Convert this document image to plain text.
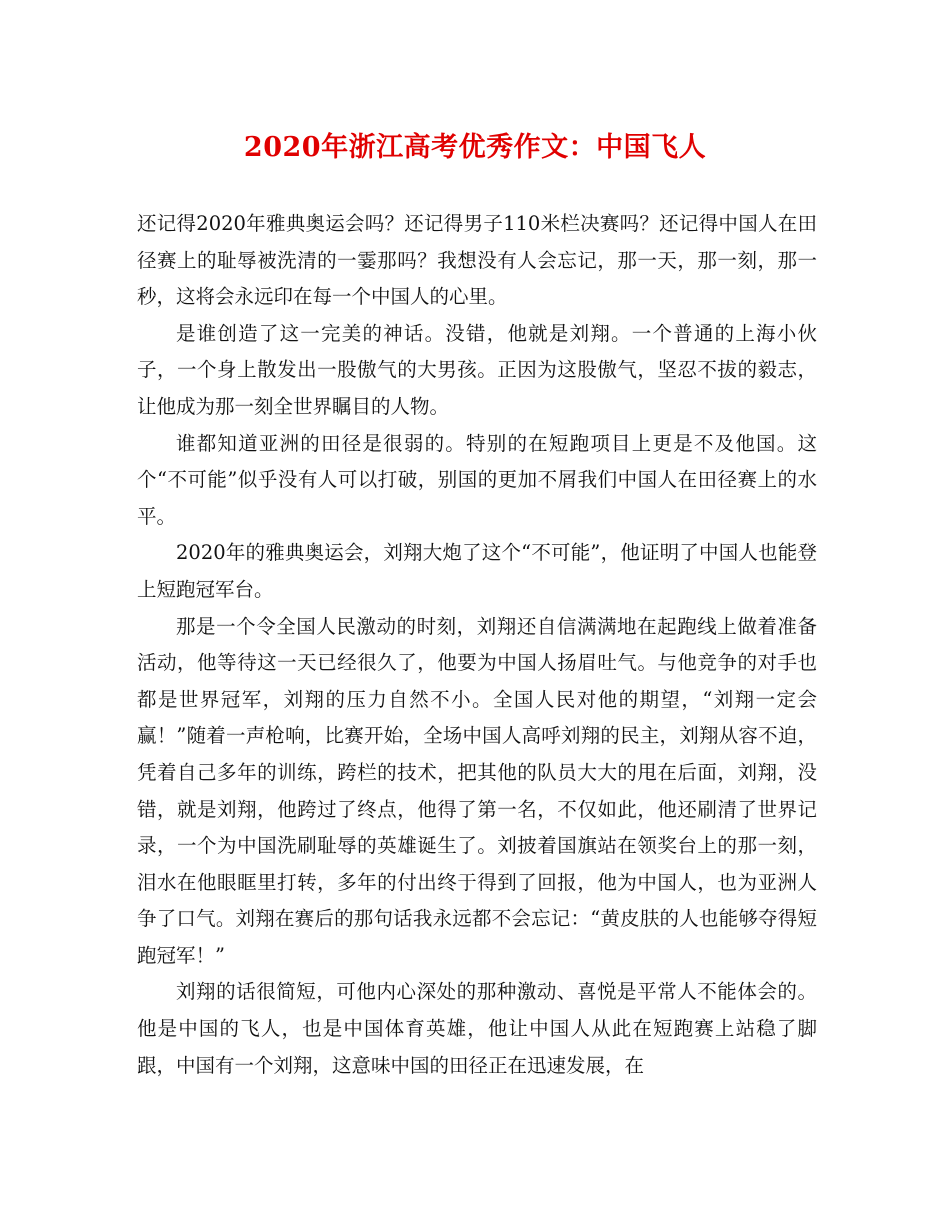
2020年浙江高考优秀作文：中国飞人

还记得2020年雅典奥运会吗？还记得男子110米栏决赛吗？还记得中国人在田径赛上的耻辱被洗清的一霎那吗？我想没有人会忘记，那一天，那一刻，那一秒，这将会永远印在每一个中国人的心里。

是谁创造了这一完美的神话。没错，他就是刘翔。一个普通的上海小伙子，一个身上散发出一股傲气的大男孩。正因为这股傲气，坚忍不拔的毅志，让他成为那一刻全世界瞩目的人物。

谁都知道亚洲的田径是很弱的。特别的在短跑项目上更是不及他国。这个“不可能”似乎没有人可以打破，别国的更加不屑我们中国人在田径赛上的水平。

2020年的雅典奥运会，刘翔大炮了这个“不可能”，他证明了中国人也能登上短跑冠军台。

那是一个令全国人民激动的时刻，刘翔还自信满满地在起跑线上做着准备活动，他等待这一天已经很久了，他要为中国人扬眉吐气。与他竞争的对手也都是世界冠军，刘翔的压力自然不小。全国人民对他的期望，“刘翔一定会赢！”随着一声枪响，比赛开始，全场中国人高呼刘翔的民主，刘翔从容不迫，凭着自己多年的训练，跨栏的技术，把其他的队员大大的甩在后面，刘翔，没错，就是刘翔，他跨过了终点，他得了第一名，不仅如此，他还刷清了世界记录，一个为中国洗刷耻辱的英雄诞生了。刘披着国旗站在领奖台上的那一刻，泪水在他眼眶里打转，多年的付出终于得到了回报，他为中国人，也为亚洲人争了口气。刘翔在赛后的那句话我永远都不会忘记：“黄皮肤的人也能够夺得短跑冠军！”

刘翔的话很简短，可他内心深处的那种激动、喜悦是平常人不能体会的。他是中国的飞人，也是中国体育英雄，他让中国人从此在短跑赛上站稳了脚跟，中国有一个刘翔，这意味中国的田径正在迅速发展，在
